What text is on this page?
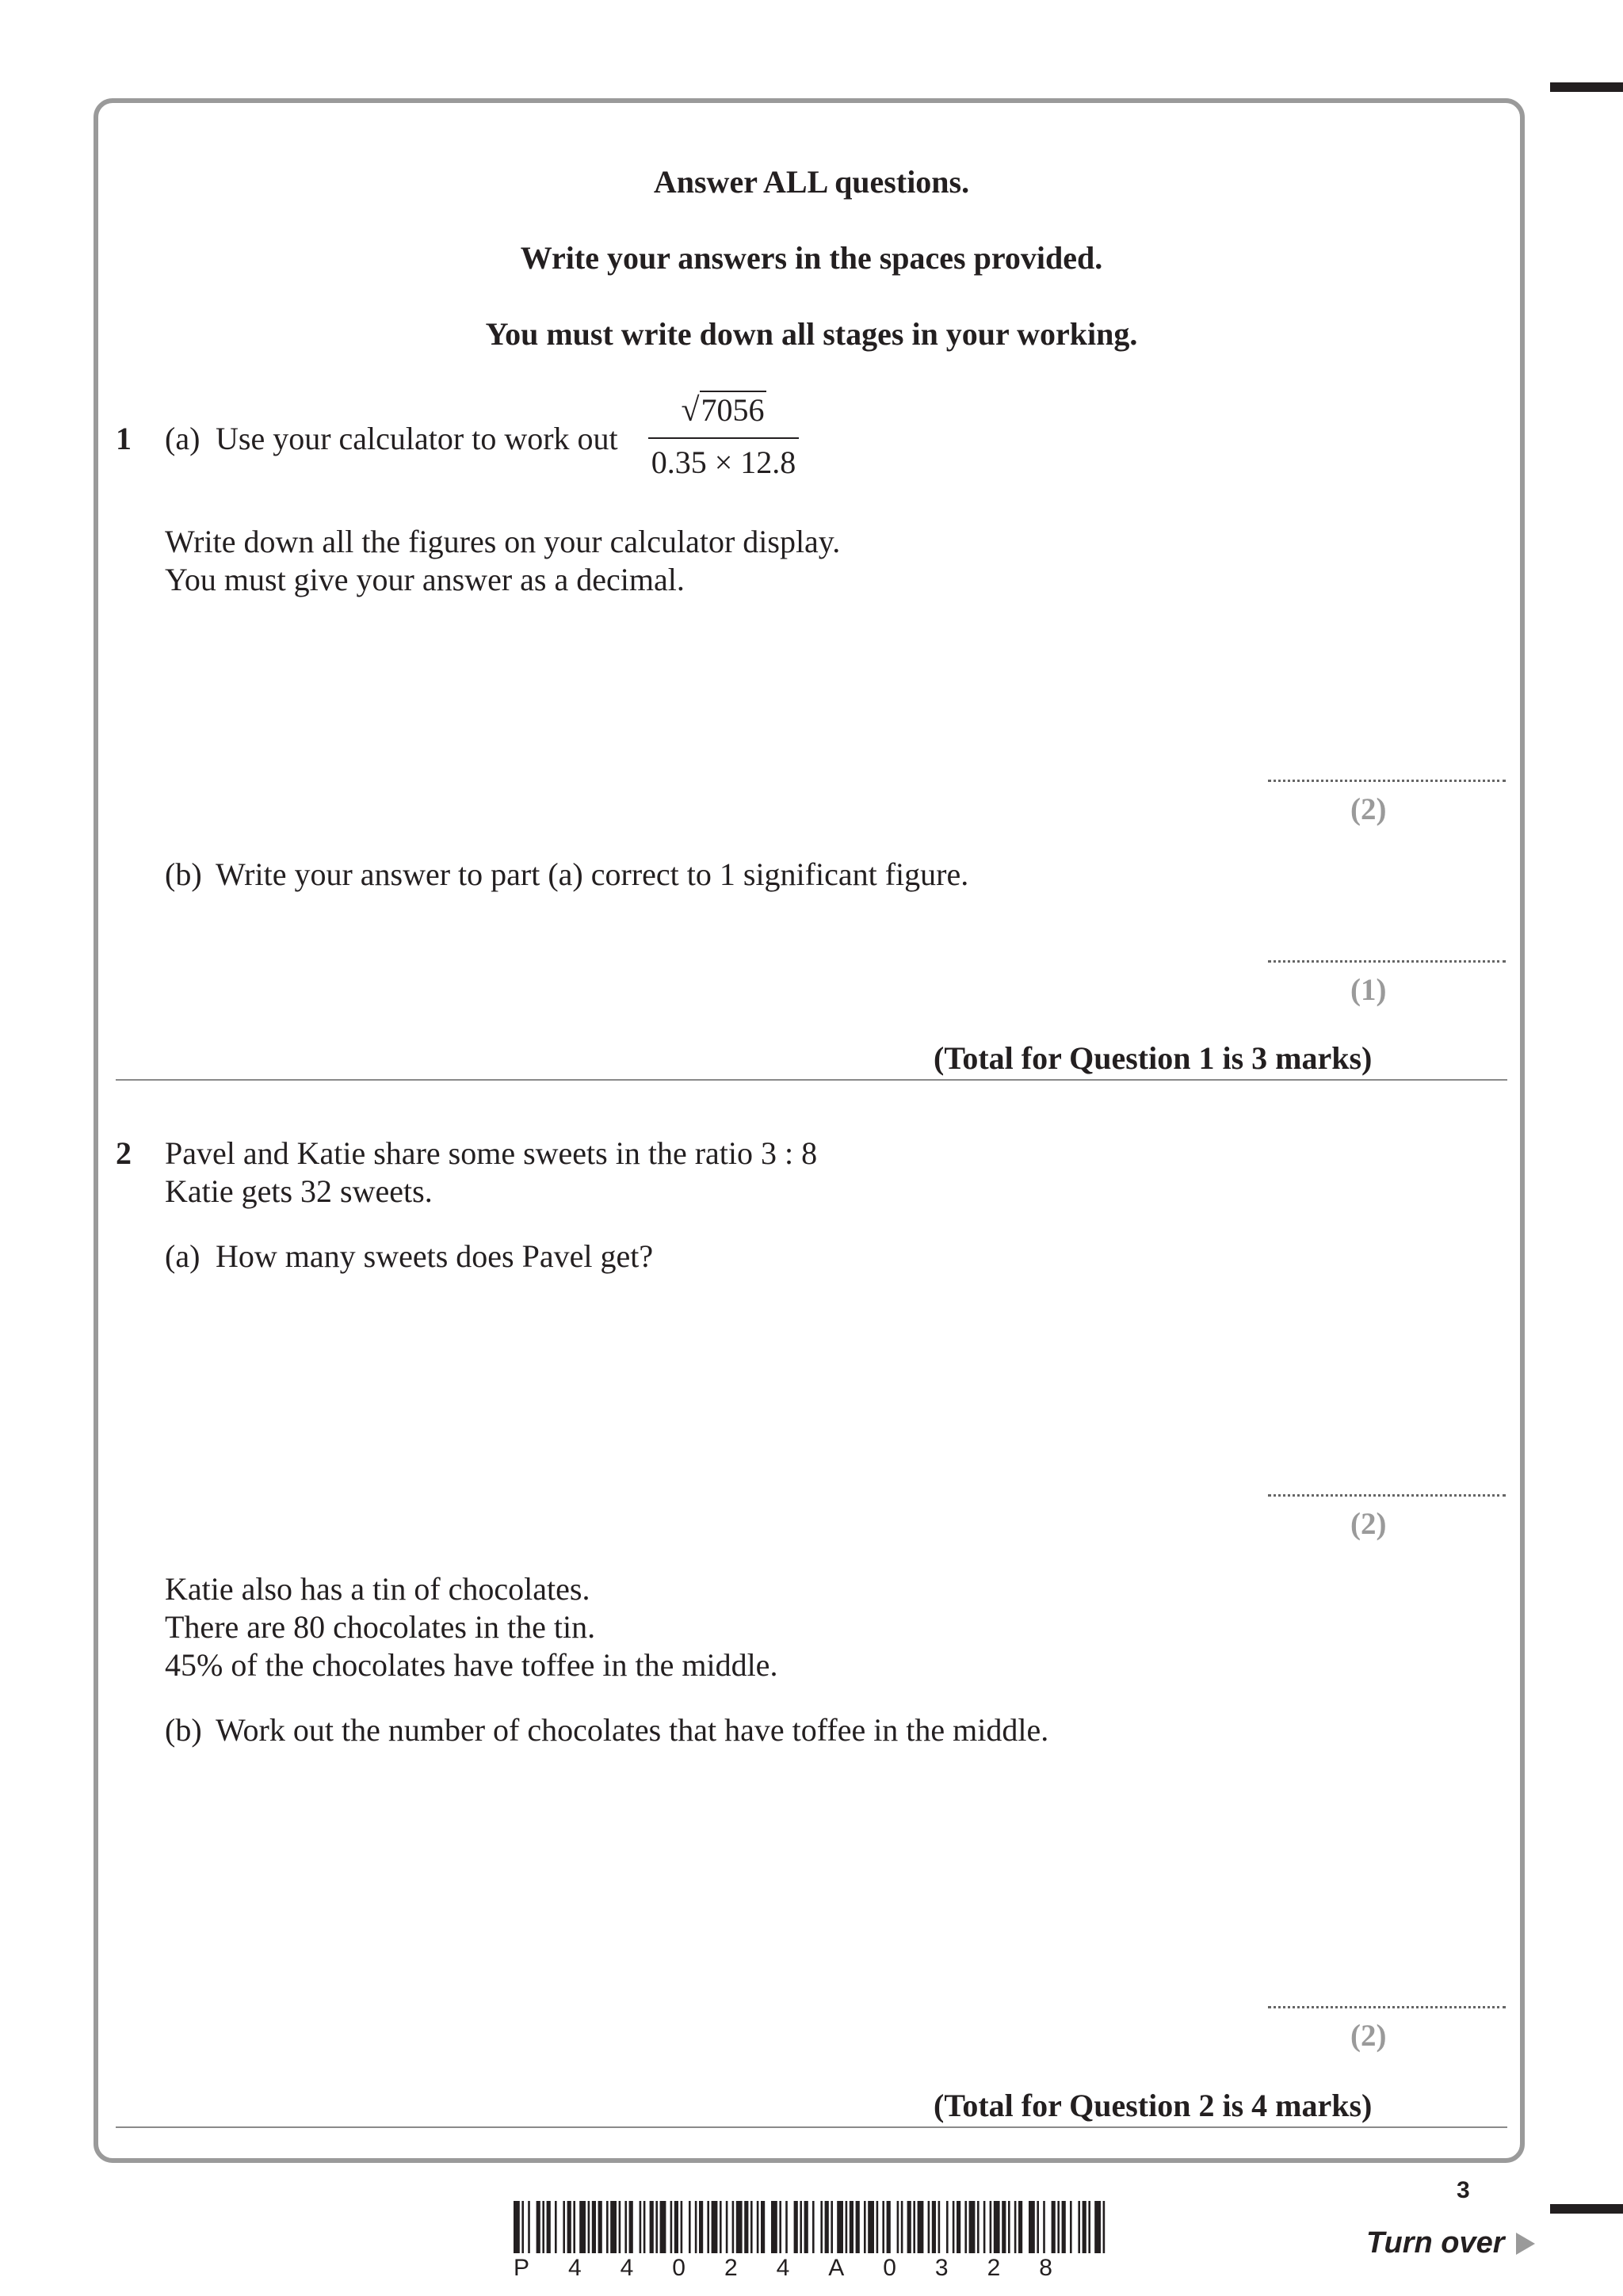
Answer ALL questions.
Write your answers in the spaces provided.
You must write down all stages in your working.
1 (a) Use your calculator to work out
√7056
0.35 × 12.8
Write down all the figures on your calculator display.
You must give your answer as a decimal.
(2)
(b) Write your answer to part (a) correct to 1 significant figure.
(1)
(Total for Question 1 is 3 marks)
2 Pavel and Katie share some sweets in the ratio 3 : 8
Katie gets 32 sweets.
(a) How many sweets does Pavel get?
(2)
Katie also has a tin of chocolates.
There are 80 chocolates in the tin.
45% of the chocolates have toffee in the middle.
(b) Work out the number of chocolates that have toffee in the middle.
(2)
(Total for Question 2 is 4 marks)
P 4 4 0 2 4 A 0 3 2 8
3
Turn over
